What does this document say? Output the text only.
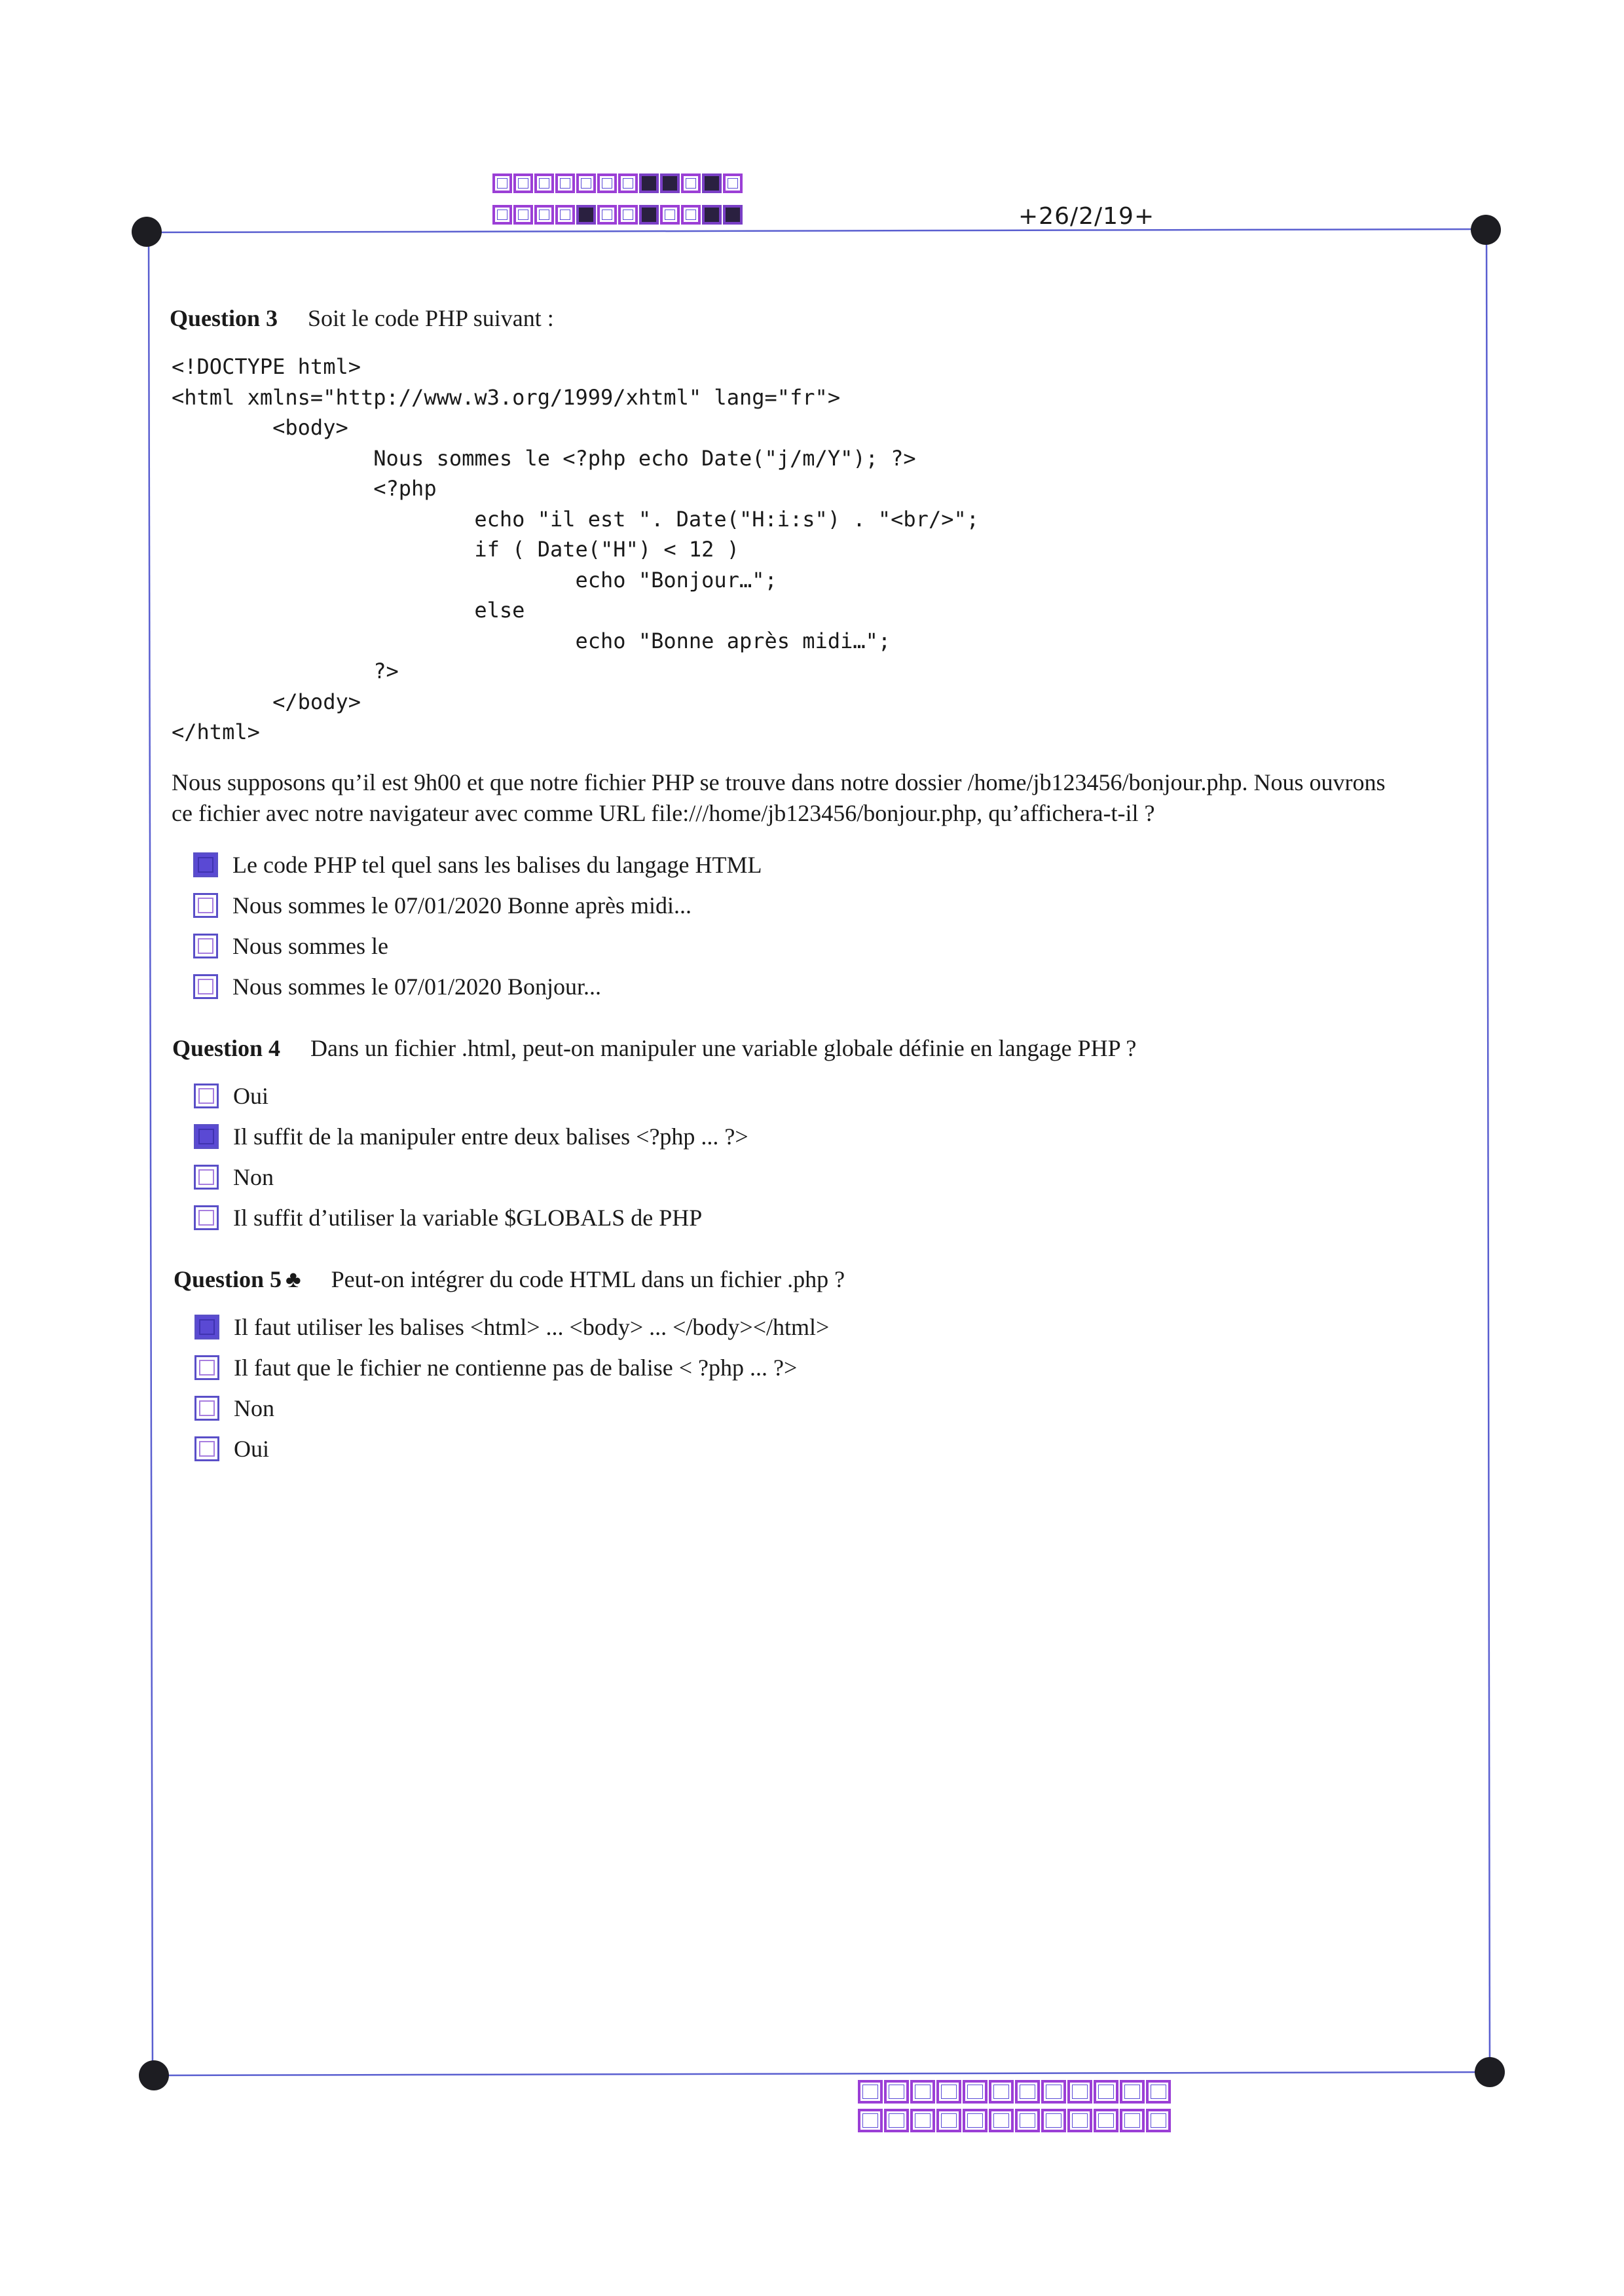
+26/2/19+
Question 3 Soit le code PHP suivant :
<!DOCTYPE html>
<html xmlns="http://www.w3.org/1999/xhtml" lang="fr">
<body>
Nous sommes le <?php echo Date("j/m/Y"); ?>
<?php
echo "il est ". Date("H:i:s") . "<br/>";
if ( Date("H") < 12 )
echo "Bonjour…";
else
echo "Bonne après midi…";
?>
</body>
</html>
Nous supposons qu’il est 9h00 et que notre fichier PHP se trouve dans notre dossier /home/jb123456/bonjour.php. Nous ouvrons
ce fichier avec notre navigateur avec comme URL file:///home/jb123456/bonjour.php, qu’affichera-t-il ?
Le code PHP tel quel sans les balises du langage HTML
Nous sommes le 07/01/2020 Bonne après midi...
Nous sommes le
Nous sommes le 07/01/2020 Bonjour...
Question 4 Dans un fichier .html, peut-on manipuler une variable globale définie en langage PHP ?
Oui
Il suffit de la manipuler entre deux balises <?php ... ?>
Non
Il suffit d’utiliser la variable $GLOBALS de PHP
Question 5 ♣ Peut-on intégrer du code HTML dans un fichier .php ?
Il faut utiliser les balises <html> ... <body> ... </body></html>
Il faut que le fichier ne contienne pas de balise < ?php ... ?>
Non
Oui
